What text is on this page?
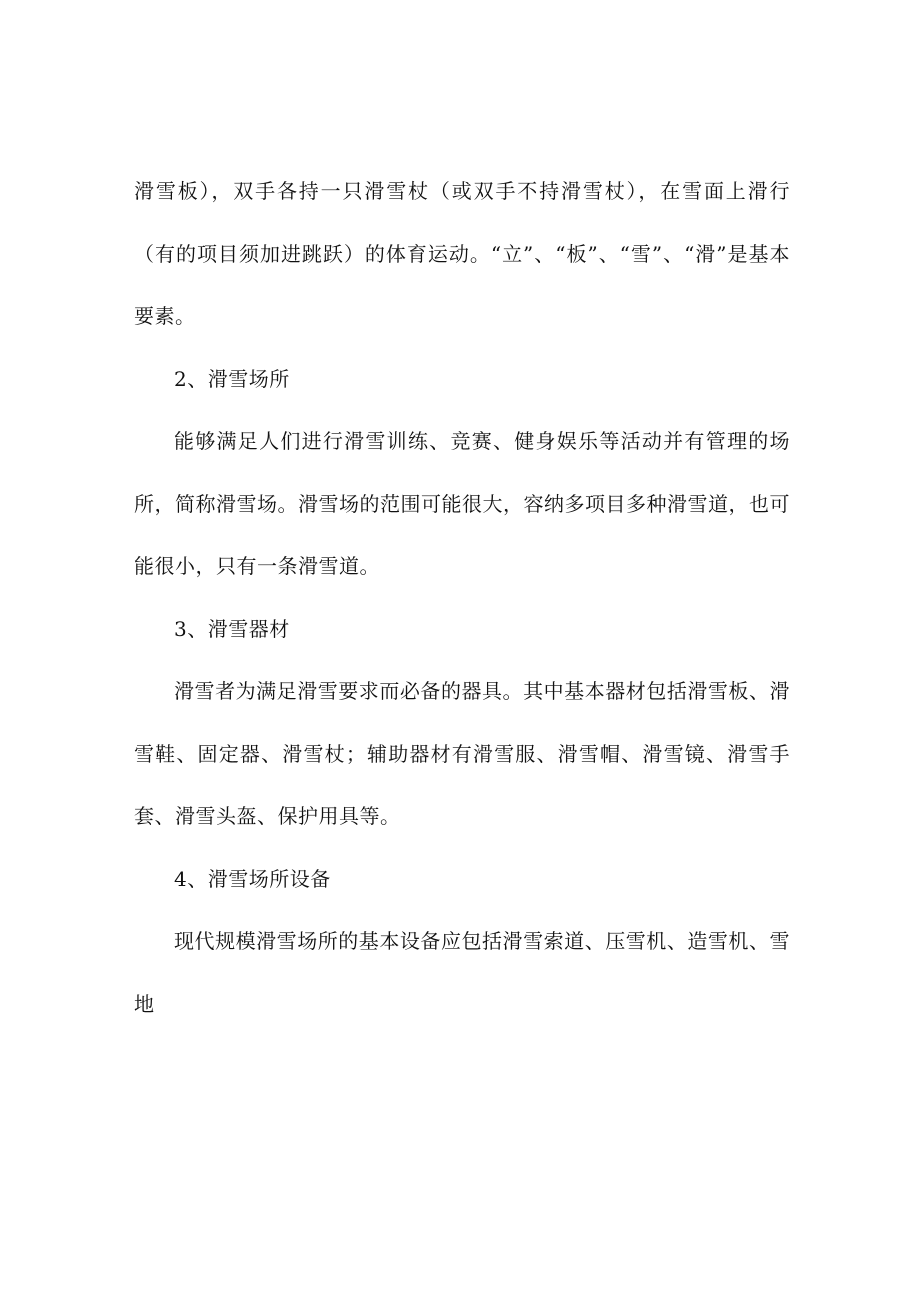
滑雪板），双手各持一只滑雪杖（或双手不持滑雪杖），在雪面上滑行（有的项目须加进跳跃）的体育运动。“立”、“板”、“雪”、“滑”是基本要素。

2、滑雪场所

能够满足人们进行滑雪训练、竞赛、健身娱乐等活动并有管理的场所，简称滑雪场。滑雪场的范围可能很大，容纳多项目多种滑雪道，也可能很小，只有一条滑雪道。

3、滑雪器材

滑雪者为满足滑雪要求而必备的器具。其中基本器材包括滑雪板、滑雪鞋、固定器、滑雪杖；辅助器材有滑雪服、滑雪帽、滑雪镜、滑雪手套、滑雪头盔、保护用具等。

4、滑雪场所设备

现代规模滑雪场所的基本设备应包括滑雪索道、压雪机、造雪机、雪地
